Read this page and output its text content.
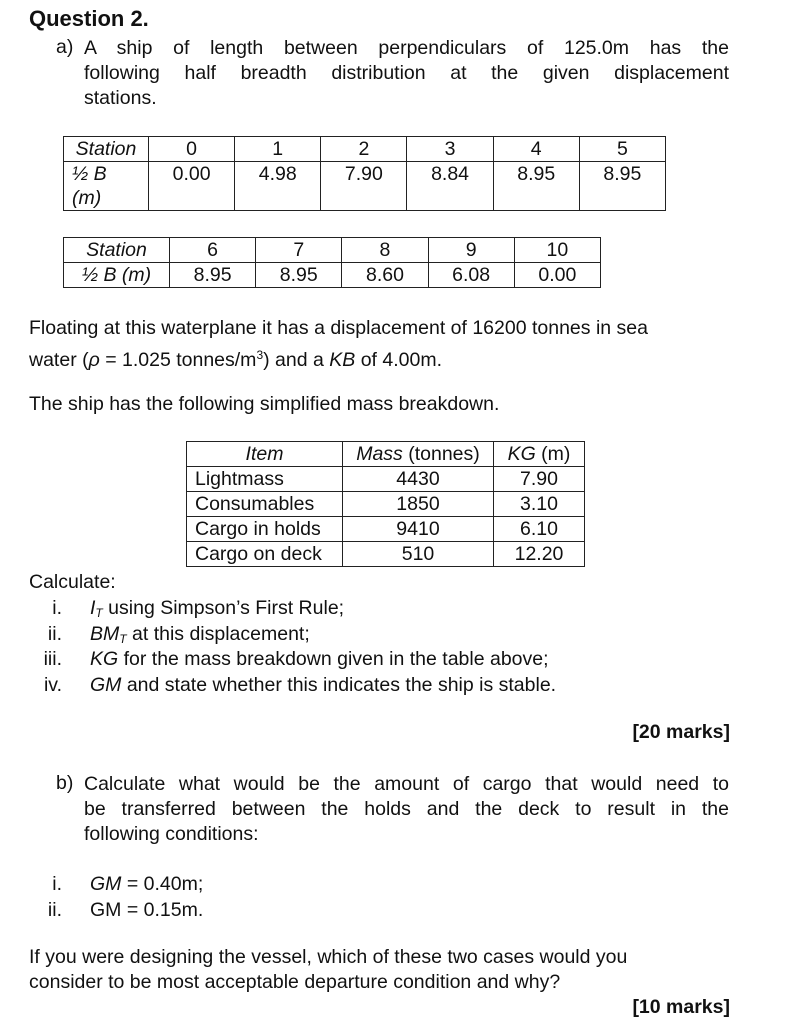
Question 2.
a) A ship of length between perpendiculars of 125.0m has the
following half breadth distribution at the given displacement
stations.
Station	0	1	2	3	4	5

½ B
(m)	0.00	4.98	7.90	8.84	8.95	8.95
Station	6	7	8	9	10
½ B (m)	8.95	8.95	8.60	6.08	0.00
Floating at this waterplane it has a displacement of 16200 tonnes in sea
water (ρ = 1.025 tonnes/$m^3$) and a KB of 4.00m.
The ship has the following simplified mass breakdown.
Item	Mass (tonnes)	KG (m)
Lightmass	4430	7.90
Consumables	1850	3.10
Cargo in holds	9410	6.10
Cargo on deck	510	12.20
Calculate:
i. $I_T$ using Simpson’s First Rule;
ii. $BM_T$ at this displacement;
iii. KG for the mass breakdown given in the table above;
iv. GM and state whether this indicates the ship is stable.
[20 marks]
b) Calculate what would be the amount of cargo that would need to
be transferred between the holds and the deck to result in the
following conditions:
i. GM = 0.40m;
ii. GM = 0.15m.
If you were designing the vessel, which of these two cases would you
consider to be most acceptable departure condition and why?
[10 marks]
